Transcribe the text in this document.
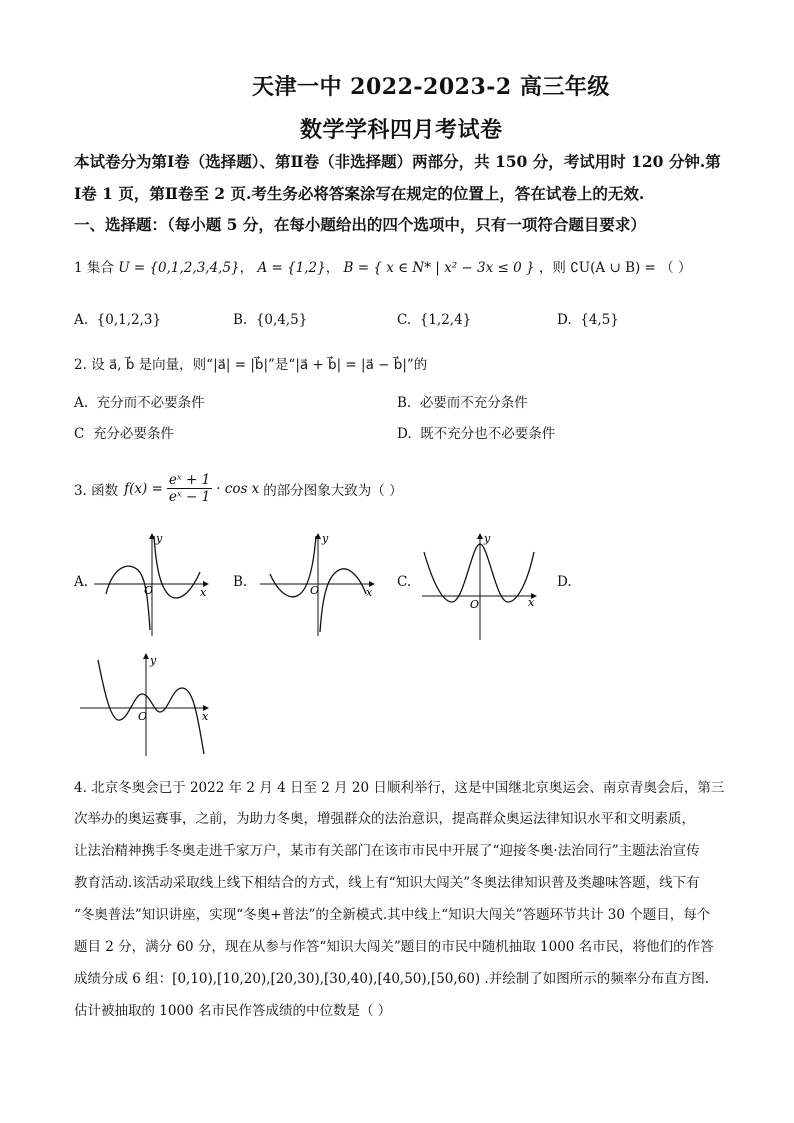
天津一中 2022-2023-2 高三年级
数学学科四月考试卷
本试卷分为第Ⅰ卷（选择题）、第Ⅱ卷（非选择题）两部分，共 150 分，考试用时 120 分钟.第
Ⅰ卷 1 页，第Ⅱ卷至 2 页.考生务必将答案涂写在规定的位置上，答在试卷上的无效.
一、选择题：（每小题 5 分，在每小题给出的四个选项中，只有一项符合题目要求）
1 集合 U = {0,1,2,3,4,5}， A = {1,2}， B = { x ∈ N* | x² − 3x ≤ 0 } ，则 ∁U(A ∪ B) = （ ）
A. {0,1,2,3}	B. {0,4,5}	C. {1,2,4}	D. {4,5}
2. 设 a⃗, b⃗ 是向量，则“|a⃗| = |b⃗|”是“|a⃗ + b⃗| = |a⃗ − b⃗|”的
A. 充分而不必要条件	B. 必要而不充分条件
C 充分必要条件	D. 既不充分也不必要条件
3. 函数 $f(x) = \frac{\text{eˣ + 1}}{\text{eˣ − 1}} \cdot \cos x$ 的部分图象大致为（ ）
A.	B.	C.	D.
y
O	x
y
O	x
y
O	x
y
O	x
4. 北京冬奥会已于 2022 年 2 月 4 日至 2 月 20 日顺利举行，这是中国继北京奥运会、南京青奥会后，第三
次举办的奥运赛事，之前，为助力冬奥，增强群众的法治意识，提高群众奥运法律知识水平和文明素质，
让法治精神携手冬奥走进千家万户，某市有关部门在该市市民中开展了“迎接冬奥·法治同行”主题法治宣传
教育活动.该活动采取线上线下相结合的方式，线上有“知识大闯关”冬奥法律知识普及类趣味答题，线下有
“冬奥普法”知识讲座，实现“冬奥+普法”的全新模式.其中线上“知识大闯关”答题环节共计 30 个题目，每个
题目 2 分，满分 60 分，现在从参与作答“知识大闯关”题目的市民中随机抽取 1000 名市民，将他们的作答
成绩分成 6 组：[0,10),[10,20),[20,30),[30,40),[40,50),[50,60) .并绘制了如图所示的频率分布直方图.
估计被抽取的 1000 名市民作答成绩的中位数是（ ）
